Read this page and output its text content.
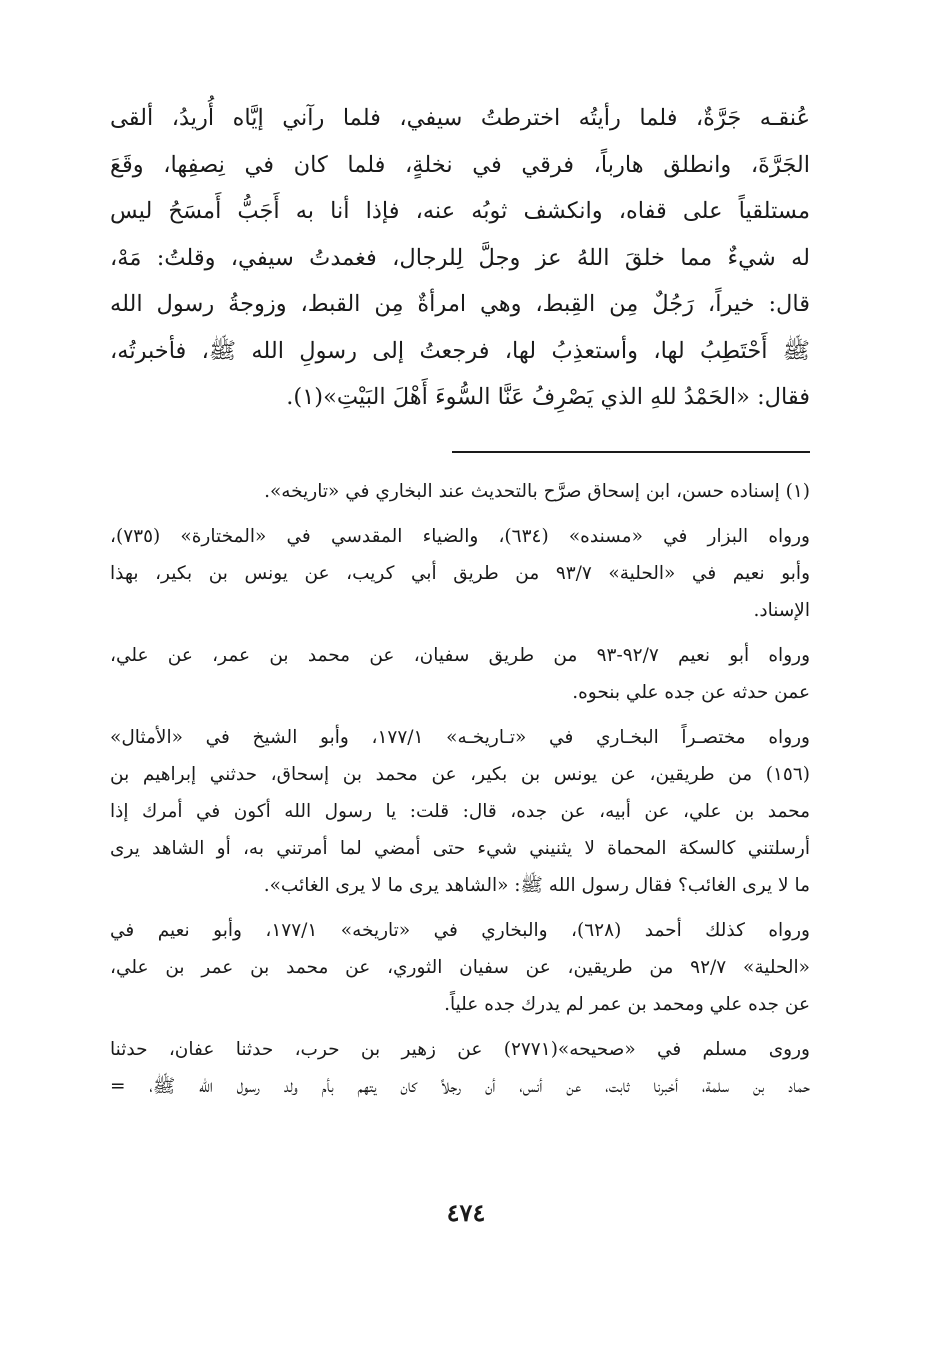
عُنقـه جَرَّةٌ، فلما رأيتُه اخترطتُ سيفي، فلما رآني إيَّاه أُريدُ، ألقى
الجَرَّةَ، وانطلق هارباً، فرقي في نخلةٍ، فلما كان في نِصفِها، وقَعَ
مستلقياً على قفاه، وانكشف ثوبُه عنه، فإذا أنا به أَجَبُّ أَمسَحُ ليس
له شيءٌ مما خلقَ اللهُ عز وجلَّ لِلرجال، فغمدتُ سيفي، وقلتُ: مَهْ،
قال: خيراً، رَجُلٌ مِن القِبط، وهي امرأةٌ مِن القبط، وزوجةُ رسول الله
ﷺ أَحْتَطِبُ لها، وأستعذِبُ لها، فرجعتُ إلى رسولِ الله ﷺ، فأخبرتُه،
فقال: «الحَمْدُ للهِ الذي يَصْرِفُ عَنَّا السُّوءَ أَهْلَ البَيْتِ»(١).
(١) إسناده حسن، ابن إسحاق صرَّح بالتحديث عند البخاري في «تاريخه».
ورواه البزار في «مسنده» (٦٣٤)، والضياء المقدسي في «المختارة» (٧٣٥)،
وأبو نعيم في «الحلية» ٩٣/٧ من طريق أبي كريب، عن يونس بن بكير، بهذا
الإسناد.
ورواه أبو نعيم ٩٢/٧-٩٣ من طريق سفيان، عن محمد بن عمر، عن علي،
عمن حدثه عن جده علي بنحوه.
ورواه مختصـراً البخـاري في «تـاريخـه» ١٧٧/١، وأبو الشيخ في «الأمثال»
(١٥٦) من طريقين، عن يونس بن بكير، عن محمد بن إسحاق، حدثني إبراهيم بن
محمد بن علي، عن أبيه، عن جده، قال: قلت: يا رسول الله أكون في أمرك إذا
أرسلتني كالسكة المحماة لا يثنيني شيء حتى أمضي لما أمرتني به، أو الشاهد يرى
ما لا يرى الغائب؟ فقال رسول الله ﷺ: «الشاهد يرى ما لا يرى الغائب».
ورواه كذلك أحمد (٦٢٨)، والبخاري في «تاريخه» ١٧٧/١، وأبو نعيم في
«الحلية» ٩٢/٧ من طريقين، عن سفيان الثوري، عن محمد بن عمر بن علي،
عن جده علي ومحمد بن عمر لم يدرك جده علياً.
وروى مسلم في «صحيحه»(٢٧٧١) عن زهير بن حرب، حدثنا عفان، حدثنا
حماد بن سلمة، أخبرنا ثابت، عن أنس، أن رجلاً كان يتهم بأم ولد رسول الله ﷺ، =
٤٧٤
